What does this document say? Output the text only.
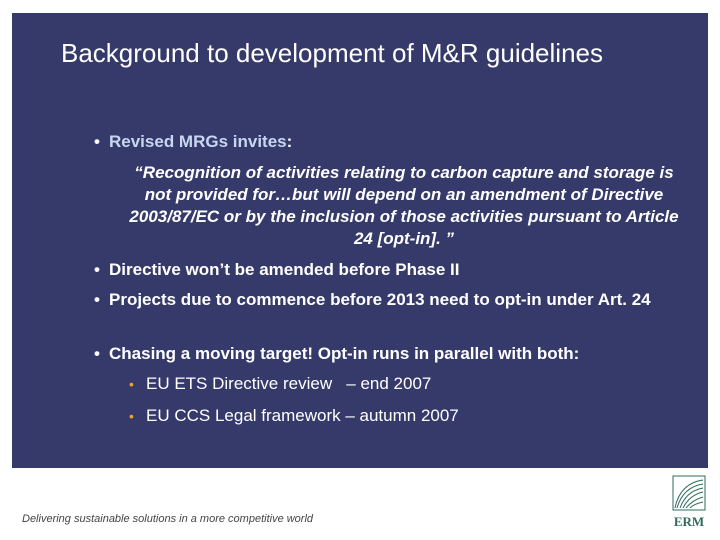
Background to development of M&R guidelines
• Revised MRGs invites:
“Recognition of activities relating to carbon capture and storage is not provided for…but will depend on an amendment of Directive 2003/87/EC or by the inclusion of those activities pursuant to Article 24 [opt-in]. ”
• Directive won’t be amended before Phase II
• Projects due to commence before 2013 need to opt-in under Art. 24
• Chasing a moving target! Opt-in runs in parallel with both:
• EU ETS Directive review   – end 2007
• EU CCS Legal framework – autumn 2007
Delivering sustainable solutions in a more competitive world	ERM
